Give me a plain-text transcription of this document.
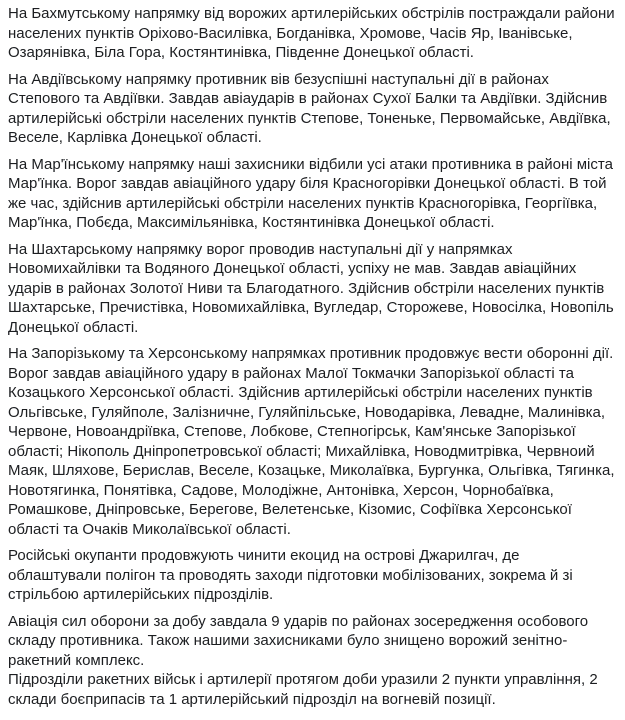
На Бахмутському напрямку від ворожих артилерійських обстрілів постраждали райони населених пунктів Оріхово-Василівка, Богданівка, Хромове, Часів Яр, Іванівське, Озарянівка, Біла Гора, Костянтинівка, Південне Донецької області.

На Авдіївському напрямку противник вів безуспішні наступальні дії в районах Степового та Авдіївки. Завдав авіаударів в районах Сухої Балки та Авдіївки. Здійснив артилерійські обстріли населених пунктів Степове, Тоненьке, Первомайське, Авдіївка, Веселе, Карлівка Донецької області.

На Мар'їнському напрямку наші захисники відбили усі атаки противника в районі міста Мар'їнка. Ворог завдав авіаційного удару біля Красногорівки Донецької області. В той же час, здійснив артилерійські обстріли населених пунктів Красногорівка, Георгіївка, Мар'їнка, Побєда, Максимільянівка, Костянтинівка Донецької області.

На Шахтарському напрямку ворог проводив наступальні дії у напрямках Новомихайлівки та Водяного Донецької області, успіху не мав. Завдав авіаційних ударів в районах Золотої Ниви та Благодатного. Здійснив обстріли населених пунктів Шахтарське, Пречистівка, Новомихайлівка, Вугледар, Сторожеве, Новосілка, Новопіль Донецької області.

На Запорізькому та Херсонському напрямках противник продовжує вести оборонні дії. Ворог завдав авіаційного удару в районах Малої Токмачки Запорізької області та Козацького Херсонської області. Здійснив артилерійські обстріли населених пунктів Ольгівське, Гуляйполе, Залізничне, Гуляйпільське, Новодарівка, Левадне, Малинівка, Червоне, Новоандріївка, Степове, Лобкове, Степногірськ, Кам'янське Запорізької області; Нікополь Дніпропетровської області; Михайлівка, Новодмитрівка, Червноий Маяк, Шляхове, Берислав, Веселе, Козацьке, Миколаївка, Бургунка, Ольгівка, Тягинка, Новотягинка, Понятівка, Садове, Молодіжне, Антонівка, Херсон, Чорнобаївка, Ромашкове, Дніпровське, Берегове, Велетенське, Кізомис, Софіївка Херсонської області та Очаків Миколаївської області.

Російські окупанти продовжують чинити екоцид на острові Джарилгач, де облаштували полігон та проводять заходи підготовки мобілізованих, зокрема й зі стрільбою артилерійських підрозділів.

Авіація сил оборони за добу завдала 9 ударів по районах зосередження особового складу противника. Також нашими захисниками було знищено ворожий зенітно-ракетний комплекс.

Підрозділи ракетних військ і артилерії протягом доби уразили 2 пункти управління, 2 склади боєприпасів та 1 артилерійський підрозділ на вогневій позиції.
